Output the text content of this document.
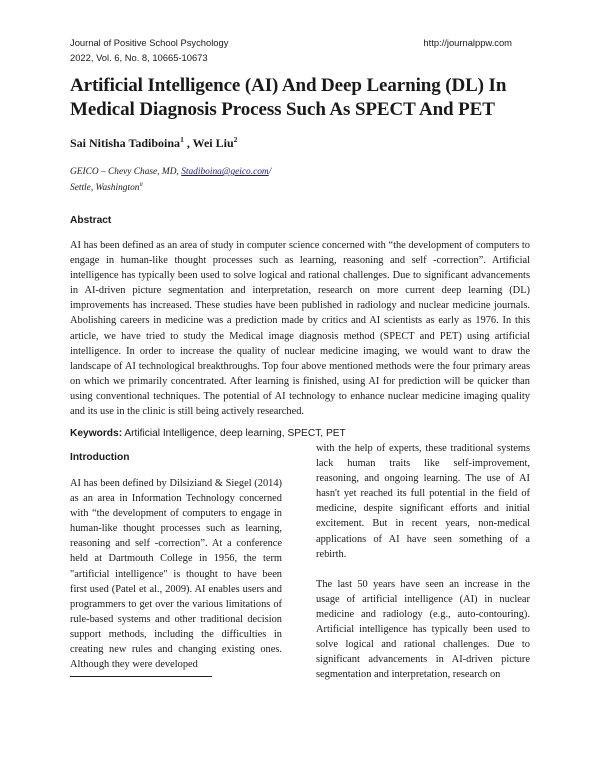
Journal of Positive School Psychology
2022, Vol. 6, No. 8, 10665-10673
http://journalppw.com
Artificial Intelligence (AI) And Deep Learning (DL) In Medical Diagnosis Process Such As SPECT And PET
Sai Nitisha Tadiboina$^1$ , Wei Liu$^2$
GEICO – Chevy Chase, MD, Stadiboina@geico.com/
Settle, Washington$^{ii}$
Abstract
AI has been defined as an area of study in computer science concerned with “the development of computers to engage in human-like thought processes such as learning, reasoning and self -correction”. Artificial intelligence has typically been used to solve logical and rational challenges. Due to significant advancements in AI-driven picture segmentation and interpretation, research on more current deep learning (DL) improvements has increased. These studies have been published in radiology and nuclear medicine journals. Abolishing careers in medicine was a prediction made by critics and AI scientists as early as 1976. In this article, we have tried to study the Medical image diagnosis method (SPECT and PET) using artificial intelligence. In order to increase the quality of nuclear medicine imaging, we would want to draw the landscape of AI technological breakthroughs. Top four above mentioned methods were the four primary areas on which we primarily concentrated. After learning is finished, using AI for prediction will be quicker than using conventional techniques. The potential of AI technology to enhance nuclear medicine imaging quality and its use in the clinic is still being actively researched.
Keywords: Artificial Intelligence, deep learning, SPECT, PET
Introduction
AI has been defined by Dilsiziand & Siegel (2014) as an area in Information Technology concerned with “the development of computers to engage in human-like thought processes such as learning, reasoning and self -correction”. At a conference held at Dartmouth College in 1956, the term "artificial intelligence" is thought to have been first used (Patel et al., 2009). AI enables users and programmers to get over the various limitations of rule-based systems and other traditional decision support methods, including the difficulties in creating new rules and changing existing ones. Although they were developed
with the help of experts, these traditional systems lack human traits like self-improvement, reasoning, and ongoing learning. The use of AI hasn't yet reached its full potential in the field of medicine, despite significant efforts and initial excitement. But in recent years, non-medical applications of AI have seen something of a rebirth.
The last 50 years have seen an increase in the usage of artificial intelligence (AI) in nuclear medicine and radiology (e.g., auto-contouring). Artificial intelligence has typically been used to solve logical and rational challenges. Due to significant advancements in AI-driven picture segmentation and interpretation, research on
